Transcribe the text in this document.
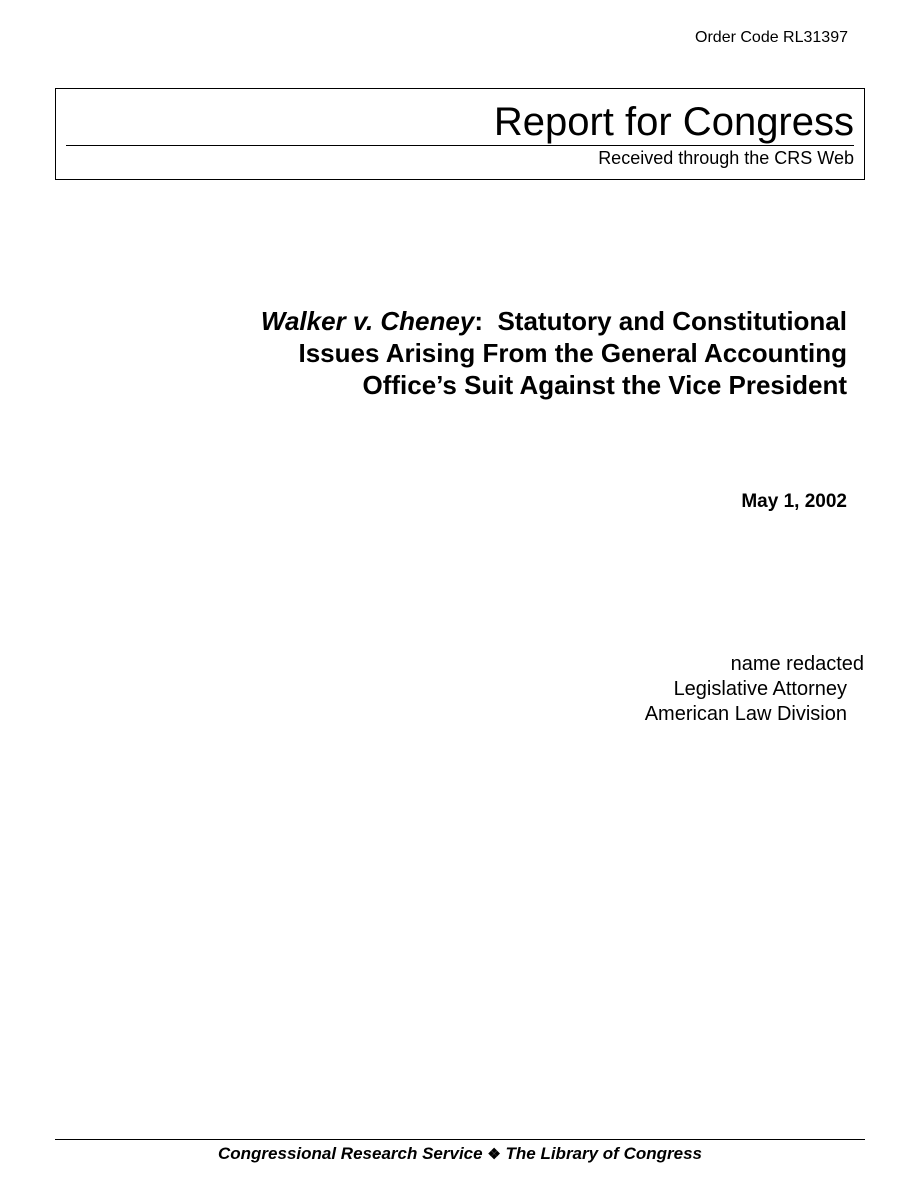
Order Code RL31397
Report for Congress
Received through the CRS Web
Walker v. Cheney: Statutory and Constitutional
Issues Arising From the General Accounting
Office’s Suit Against the Vice President
May 1, 2002
name redacted
Legislative Attorney
American Law Division
Congressional Research Service ❖ The Library of Congress
